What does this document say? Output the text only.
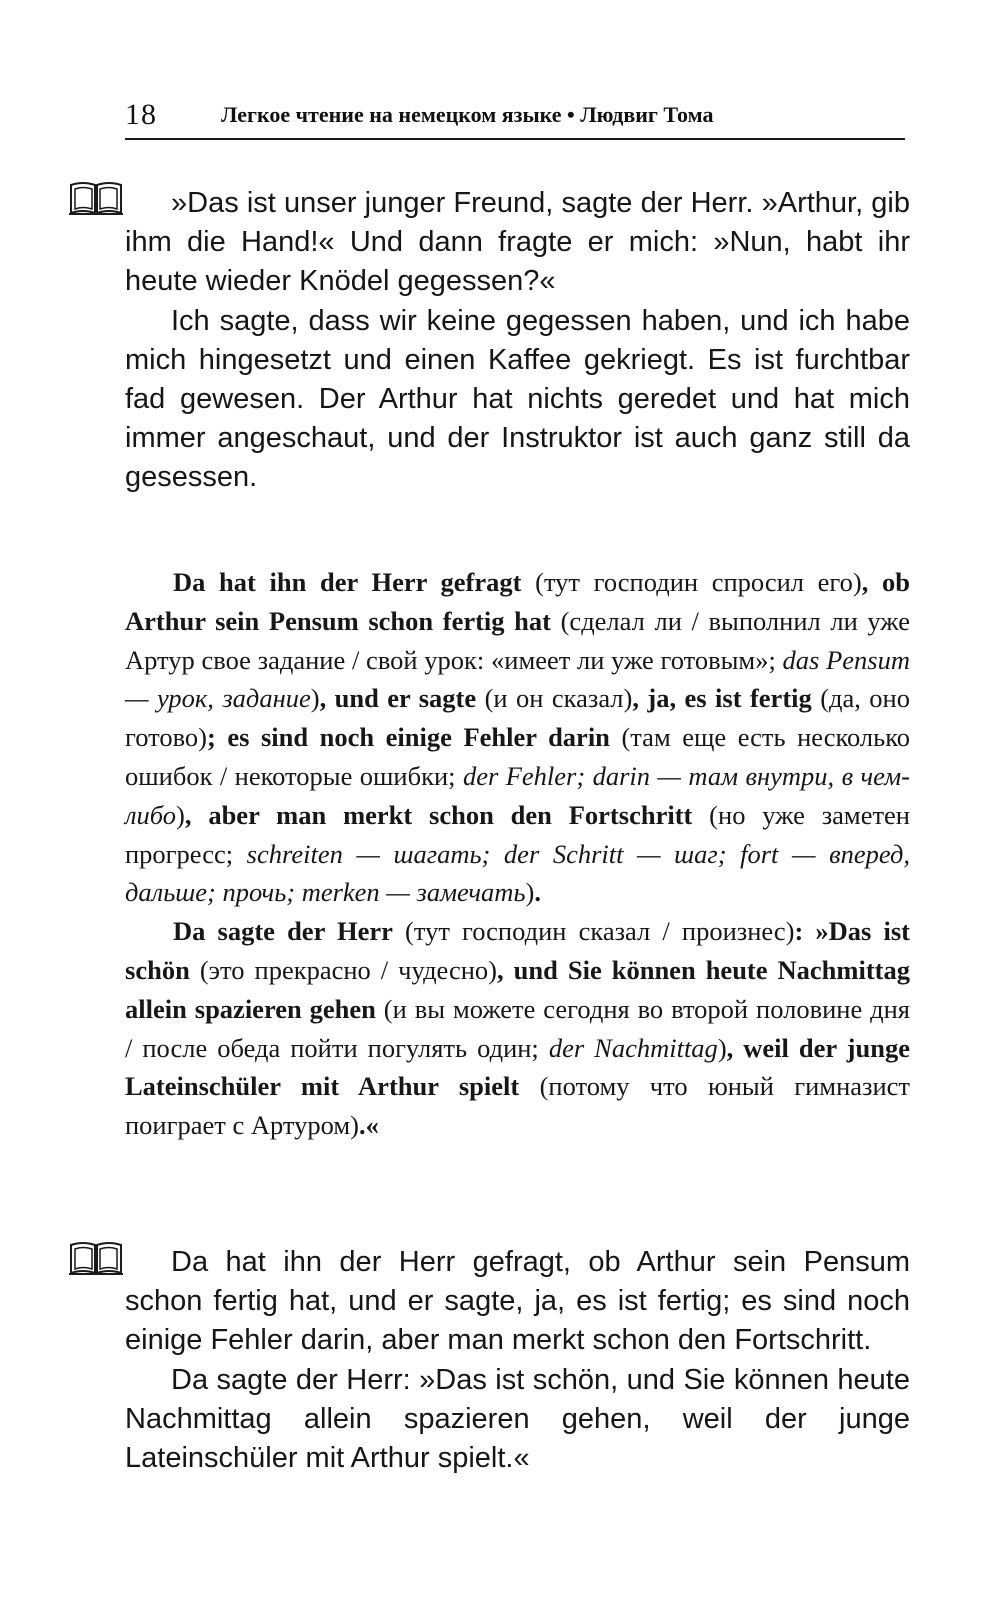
18	Легкое чтение на немецком языке • Людвиг Тома

»Das ist unser junger Freund, sagte der Herr. »Arthur, gib ihm die Hand!« Und dann fragte er mich: »Nun, habt ihr heute wieder Knödel gegessen?«

Ich sagte, dass wir keine gegessen haben, und ich habe mich hingesetzt und einen Kaffee gekriegt. Es ist furchtbar fad gewesen. Der Arthur hat nichts geredet und hat mich immer angeschaut, und der Instruktor ist auch ganz still da gesessen.

Da hat ihn der Herr gefragt (тут господин спросил его), ob Arthur sein Pensum schon fertig hat (сделал ли / выполнил ли уже Артур свое задание / свой урок: «имеет ли уже готовым»; das Pensum — урок, задание), und er sagte (и он сказал), ja, es ist fertig (да, оно готово); es sind noch einige Fehler darin (там еще есть несколько ошибок / некоторые ошибки; der Fehler; darin — там внутри, в чем-либо), aber man merkt schon den Fortschritt (но уже заметен прогресс; schreiten — шагать; der Schritt — шаг; fort — вперед, дальше; прочь; merken — замечать).

Da sagte der Herr (тут господин сказал / произнес): »Das ist schön (это прекрасно / чудесно), und Sie können heute Nachmittag allein spazieren gehen (и вы можете сегодня во второй половине дня / после обеда пойти погулять один; der Nachmittag), weil der junge Lateinschüler mit Arthur spielt (потому что юный гимназист поиграет с Артуром).«

Da hat ihn der Herr gefragt, ob Arthur sein Pensum schon fertig hat, und er sagte, ja, es ist fertig; es sind noch einige Fehler darin, aber man merkt schon den Fortschritt.

Da sagte der Herr: »Das ist schön, und Sie können heute Nachmittag allein spazieren gehen, weil der junge Lateinschüler mit Arthur spielt.«
